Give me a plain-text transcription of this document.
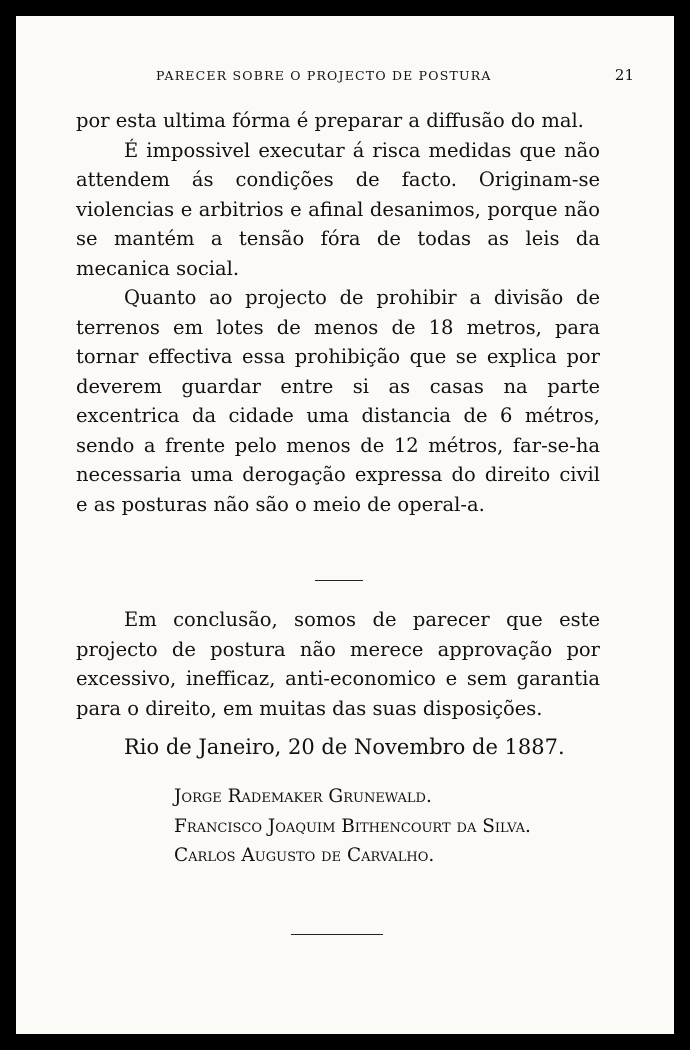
PARECER SOBRE O PROJECTO DE POSTURA	21

por esta ultima fórma é preparar a diffusão do mal.

É impossivel executar á risca medidas que não attendem ás condições de facto. Originam-se violencias e arbitrios e afinal desanimos, porque não se mantém a tensão fóra de todas as leis da mecanica social.

Quanto ao projecto de prohibir a divisão de terrenos em lotes de menos de 18 metros, para tornar effectiva essa prohibição que se explica por deverem guardar entre si as casas na parte excentrica da cidade uma distancia de 6 métros, sendo a frente pelo menos de 12 métros, far-se-ha necessaria uma derogação expressa do direito civil e as posturas não são o meio de operal-a.

Em conclusão, somos de parecer que este projecto de postura não merece approvação por excessivo, inefficaz, anti-economico e sem garantia para o direito, em muitas das suas disposições.

Rio de Janeiro, 20 de Novembro de 1887.

Jorge Rademaker Grunewald.
Francisco Joaquim Bithencourt da Silva.
Carlos Augusto de Carvalho.
